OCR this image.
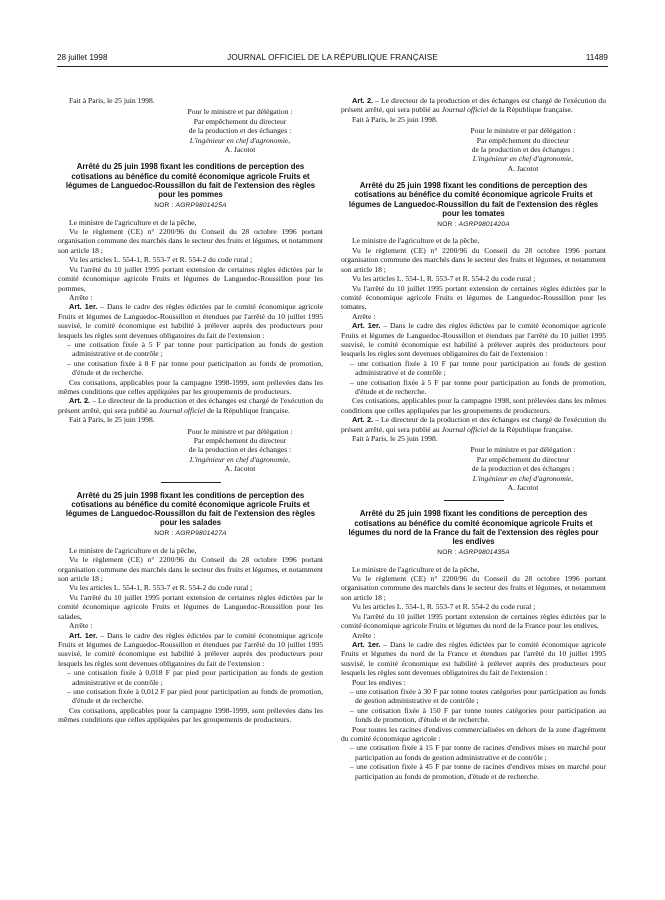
28 juillet 1998	JOURNAL OFFICIEL DE LA RÉPUBLIQUE FRANÇAISE	11489

Fait à Paris, le 25 juin 1998.

Pour le ministre et par délégation :

Par empêchement du directeur

de la production et des échanges :

L'ingénieur en chef d'agronomie,

A. Jacotot

Arrêté du 25 juin 1998 fixant les conditions de perception des cotisations au bénéfice du comité économique agricole Fruits et légumes de Languedoc-Roussillon du fait de l'extension des règles pour les pommes
NOR : AGRP9801425A

Le ministre de l'agriculture et de la pêche,

Vu le règlement (CE) n° 2200/96 du Conseil du 28 octobre 1996 portant organisation commune des marchés dans le secteur des fruits et légumes, et notamment son article 18 ;

Vu les articles L. 554-1, R. 553-7 et R. 554-2 du code rural ;

Vu l'arrêté du 10 juillet 1995 portant extension de certaines règles édictées par le comité économique agricole Fruits et légumes de Languedoc-Roussillon pour les pommes,

Arrête :

Art. 1er. – Dans le cadre des règles édictées par le comité économique agricole Fruits et légumes de Languedoc-Roussillon et étendues par l'arrêté du 10 juillet 1995 susvisé, le comité économique est habilité à prélever auprès des producteurs pour lesquels les règles sont devenues obligatoires du fait de l'extension :

– une cotisation fixée à 5 F par tonne pour participation au fonds de gestion administrative et de contrôle ;

– une cotisation fixée à 8 F par tonne pour participation au fonds de promotion, d'étude et de recherche.

Ces cotisations, applicables pour la campagne 1998-1999, sont prélevées dans les mêmes conditions que celles appliquées par les groupements de producteurs.

Art. 2. – Le directeur de la production et des échanges est chargé de l'exécution du présent arrêté, qui sera publié au Journal officiel de la République française.

Fait à Paris, le 25 juin 1998.

Pour le ministre et par délégation :

Par empêchement du directeur

de la production et des échanges :

L'ingénieur en chef d'agronomie,

A. Jacotot

Arrêté du 25 juin 1998 fixant les conditions de perception des cotisations au bénéfice du comité économique agricole Fruits et légumes de Languedoc-Roussillon du fait de l'extension des règles pour les salades
NOR : AGRP9801427A

Le ministre de l'agriculture et de la pêche,

Vu le règlement (CE) n° 2200/96 du Conseil du 28 octobre 1996 portant organisation commune des marchés dans le secteur des fruits et légumes, et notamment son article 18 ;

Vu les articles L. 554-1, R. 553-7 et R. 554-2 du code rural ;

Vu l'arrêté du 10 juillet 1995 portant extension de certaines règles édictées par le comité économique agricole Fruits et légumes de Languedoc-Roussillon pour les salades,

Arrête :

Art. 1er. – Dans le cadre des règles édictées par le comité économique agricole Fruits et légumes de Languedoc-Roussillon et étendues par l'arrêté du 10 juillet 1995 susvisé, le comité économique est habilité à prélever auprès des producteurs pour lesquels les règles sont devenues obligatoires du fait de l'extension :

– une cotisation fixée à 0,018 F par pied pour participation au fonds de gestion administrative et de contrôle ;

– une cotisation fixée à 0,012 F par pied pour participation au fonds de promotion, d'étude et de recherche.

Ces cotisations, applicables pour la campagne 1998-1999, sont prélevées dans les mêmes conditions que celles appliquées par les groupements de producteurs.

Art. 2. – Le directeur de la production et des échanges est chargé de l'exécution du présent arrêté, qui sera publié au Journal officiel de la République française.

Fait à Paris, le 25 juin 1998.

Pour le ministre et par délégation :

Par empêchement du directeur

de la production et des échanges :

L'ingénieur en chef d'agronomie,

A. Jacotot

Arrêté du 25 juin 1998 fixant les conditions de perception des cotisations au bénéfice du comité économique agricole Fruits et légumes de Languedoc-Roussillon du fait de l'extension des règles pour les tomates
NOR : AGRP9801420A

Le ministre de l'agriculture et de la pêche,

Vu le règlement (CE) n° 2200/96 du Conseil du 28 octobre 1996 portant organisation commune des marchés dans le secteur des fruits et légumes, et notamment son article 18 ;

Vu les articles L. 554-1, R. 553-7 et R. 554-2 du code rural ;

Vu l'arrêté du 10 juillet 1995 portant extension de certaines règles édictées par le comité économique agricole Fruits et légumes de Languedoc-Roussillon pour les tomates,

Arrête :

Art. 1er. – Dans le cadre des règles édictées par le comité économique agricole Fruits et légumes de Languedoc-Roussillon et étendues par l'arrêté du 10 juillet 1995 susvisé, le comité économique est habilité à prélever auprès des producteurs pour lesquels les règles sont devenues obligatoires du fait de l'extension :

– une cotisation fixée à 10 F par tonne pour participation au fonds de gestion administrative et de contrôle ;

– une cotisation fixée à 5 F par tonne pour participation au fonds de promotion, d'étude et de recherche.

Ces cotisations, applicables pour la campagne 1998, sont prélevées dans les mêmes conditions que celles appliquées par les groupements de producteurs.

Art. 2. – Le directeur de la production et des échanges est chargé de l'exécution du présent arrêté, qui sera publié au Journal officiel de la République française.

Fait à Paris, le 25 juin 1998.

Pour le ministre et par délégation :

Par empêchement du directeur

de la production et des échanges :

L'ingénieur en chef d'agronomie,

A. Jacotot

Arrêté du 25 juin 1998 fixant les conditions de perception des cotisations au bénéfice du comité économique agricole Fruits et légumes du nord de la France du fait de l'extension des règles pour les endives
NOR : AGRP9801435A

Le ministre de l'agriculture et de la pêche,

Vu le règlement (CE) n° 2200/96 du Conseil du 28 octobre 1996 portant organisation commune des marchés dans le secteur des fruits et légumes, et notamment son article 18 ;

Vu les articles L. 554-1, R. 553-7 et R. 554-2 du code rural ;

Vu l'arrêté du 10 juillet 1995 portant extension de certaines règles édictées par le comité économique agricole Fruits et légumes du nord de la France pour les endives,

Arrête :

Art. 1er. – Dans le cadre des règles édictées par le comité économique agricole Fruits et légumes du nord de la France et étendues par l'arrêté du 10 juillet 1995 susvisé, le comité économique est habilité à prélever auprès des producteurs pour lesquels les règles sont devenues obligatoires du fait de l'extension :

Pour les endives :

– une cotisation fixée à 30 F par tonne toutes catégories pour participation au fonds de gestion administrative et de contrôle ;

– une cotisation fixée à 150 F par tonne toutes catégories pour participation au fonds de promotion, d'étude et de recherche.

Pour toutes les racines d'endives commercialisées en dehors de la zone d'agrément du comité économique agricole :

– une cotisation fixée à 15 F par tonne de racines d'endives mises en marché pour participation au fonds de gestion administrative et de contrôle ;

– une cotisation fixée à 45 F par tonne de racines d'endives mises en marché pour participation au fonds de promotion, d'étude et de recherche.
